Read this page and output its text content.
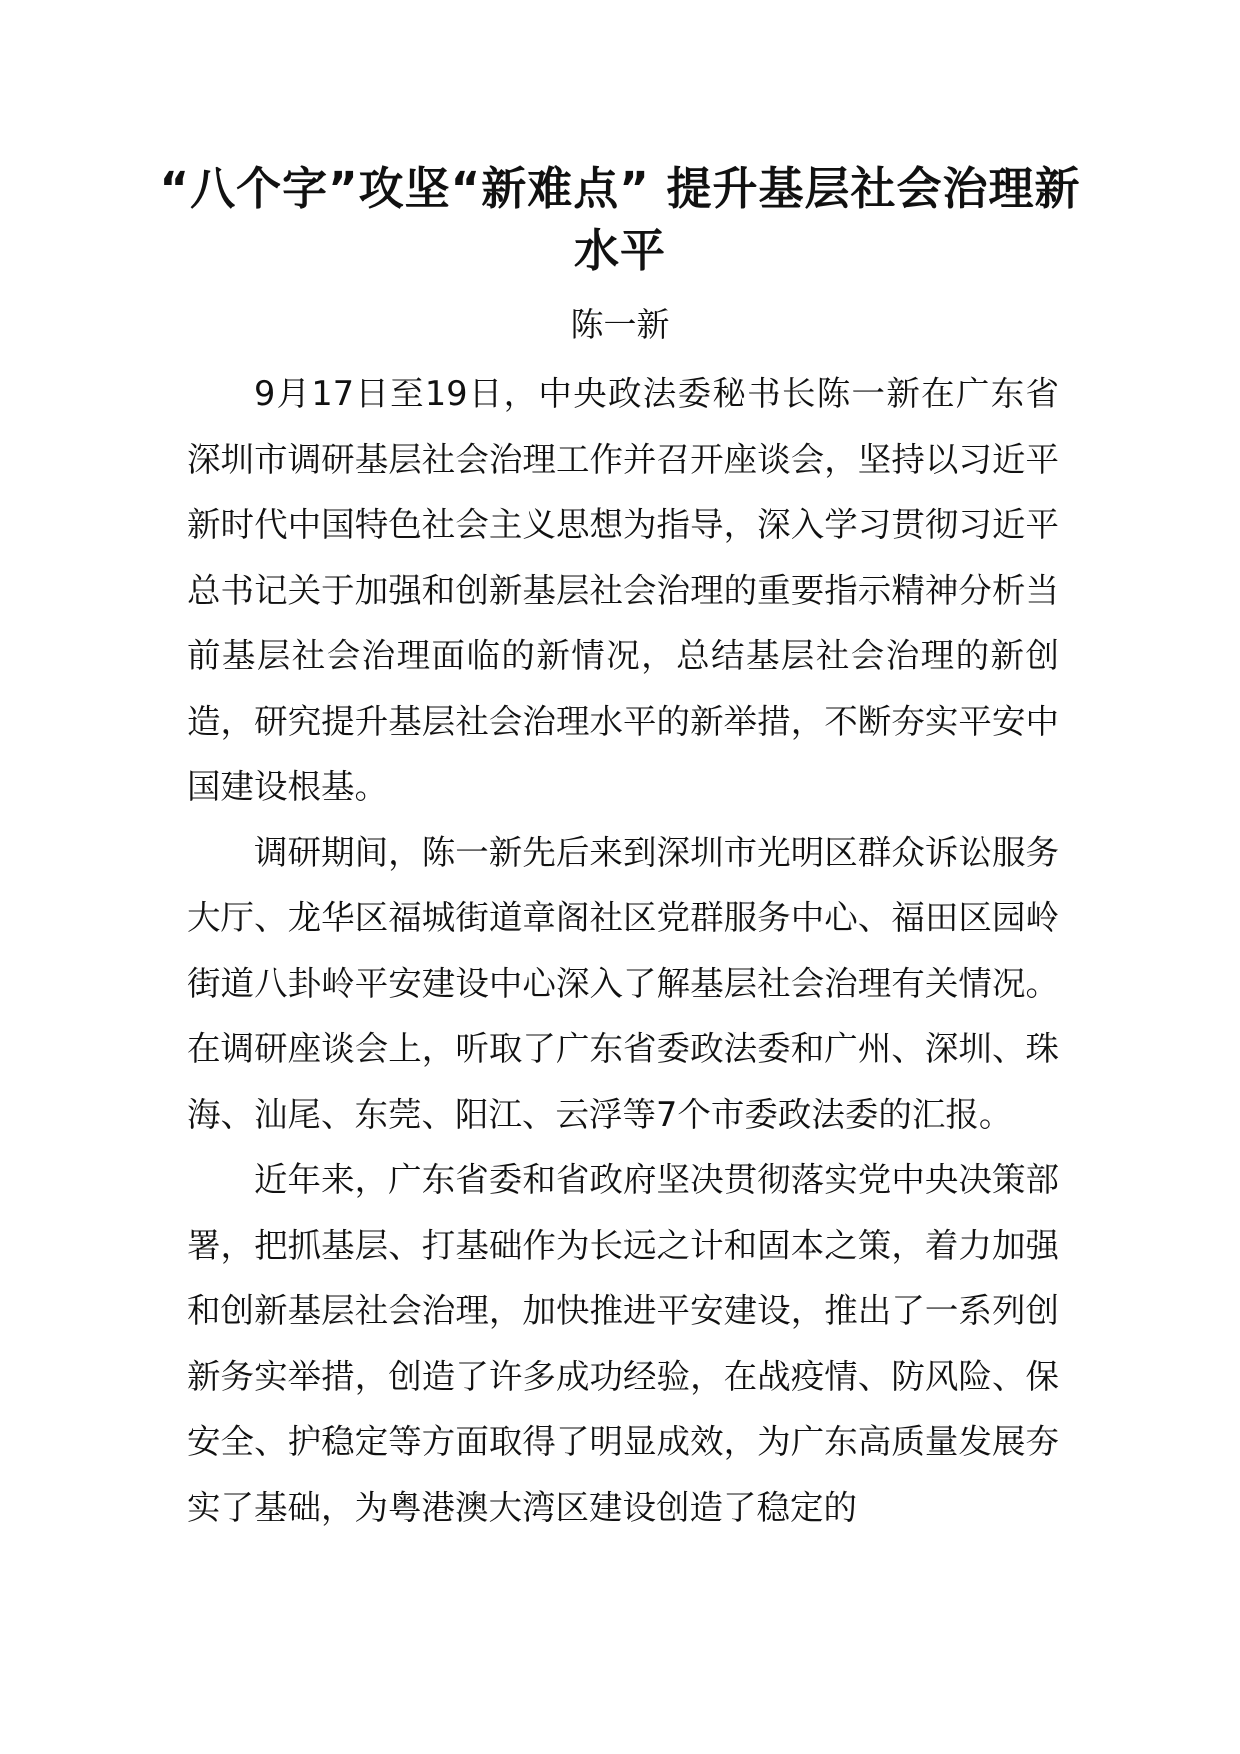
“八个字”攻坚“新难点” 提升基层社会治理新水平
陈一新

9月17日至19日，中央政法委秘书长陈一新在广东省深圳市调研基层社会治理工作并召开座谈会，坚持以习近平新时代中国特色社会主义思想为指导，深入学习贯彻习近平总书记关于加强和创新基层社会治理的重要指示精神分析当前基层社会治理面临的新情况，总结基层社会治理的新创造，研究提升基层社会治理水平的新举措，不断夯实平安中国建设根基。

调研期间，陈一新先后来到深圳市光明区群众诉讼服务大厅、龙华区福城街道章阁社区党群服务中心、福田区园岭街道八卦岭平安建设中心深入了解基层社会治理有关情况。在调研座谈会上，听取了广东省委政法委和广州、深圳、珠海、汕尾、东莞、阳江、云浮等7个市委政法委的汇报。

近年来，广东省委和省政府坚决贯彻落实党中央决策部署，把抓基层、打基础作为长远之计和固本之策，着力加强和创新基层社会治理，加快推进平安建设，推出了一系列创新务实举措，创造了许多成功经验，在战疫情、防风险、保安全、护稳定等方面取得了明显成效，为广东高质量发展夯实了基础，为粤港澳大湾区建设创造了稳定的
